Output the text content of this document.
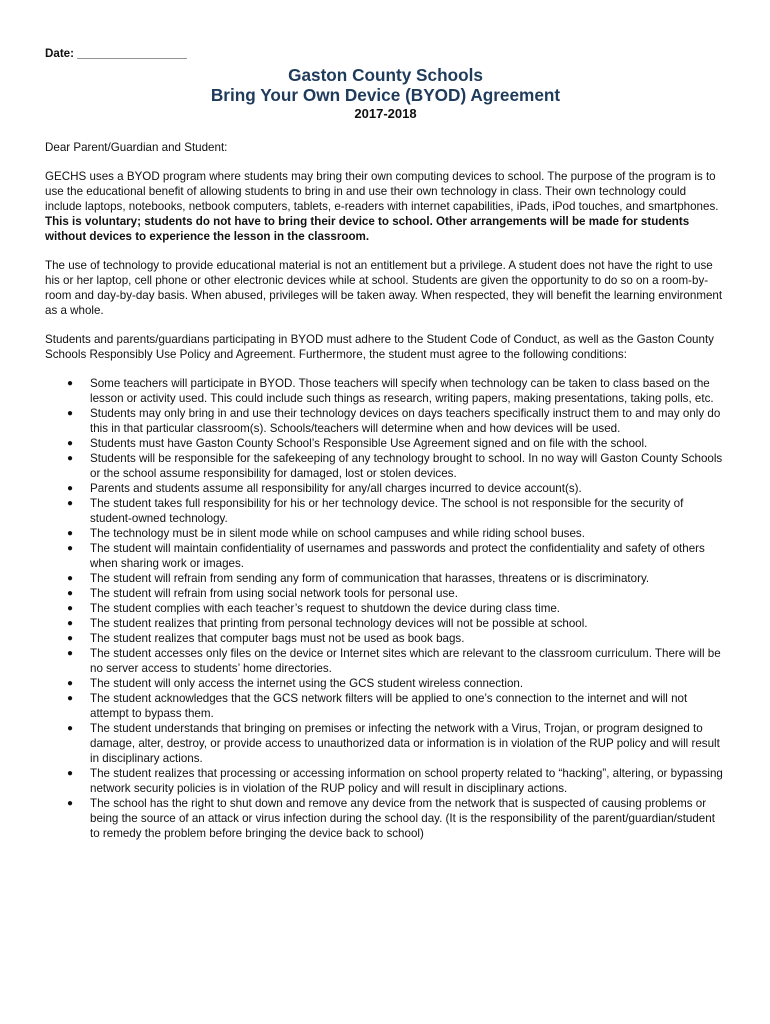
Date: _________________
Gaston County Schools
Bring Your Own Device (BYOD) Agreement
2017-2018

Dear Parent/Guardian and Student:

GECHS uses a BYOD program where students may bring their own computing devices to school. The purpose of the program is to use the educational benefit of allowing students to bring in and use their own technology in class. Their own technology could include laptops, notebooks, netbook computers, tablets, e-readers with internet capabilities, iPads, iPod touches, and smartphones. This is voluntary; students do not have to bring their device to school. Other arrangements will be made for students without devices to experience the lesson in the classroom.

The use of technology to provide educational material is not an entitlement but a privilege. A student does not have the right to use his or her laptop, cell phone or other electronic devices while at school. Students are given the opportunity to do so on a room-by-room and day-by-day basis. When abused, privileges will be taken away. When respected, they will benefit the learning environment as a whole.

Students and parents/guardians participating in BYOD must adhere to the Student Code of Conduct, as well as the Gaston County Schools Responsibly Use Policy and Agreement. Furthermore, the student must agree to the following conditions:

● Some teachers will participate in BYOD. Those teachers will specify when technology can be taken to class based on the lesson or activity used. This could include such things as research, writing papers, making presentations, taking polls, etc.
● Students may only bring in and use their technology devices on days teachers specifically instruct them to and may only do this in that particular classroom(s). Schools/teachers will determine when and how devices will be used.
● Students must have Gaston County School’s Responsible Use Agreement signed and on file with the school.
● Students will be responsible for the safekeeping of any technology brought to school. In no way will Gaston County Schools or the school assume responsibility for damaged, lost or stolen devices.
● Parents and students assume all responsibility for any/all charges incurred to device account(s).
● The student takes full responsibility for his or her technology device. The school is not responsible for the security of student-owned technology.
● The technology must be in silent mode while on school campuses and while riding school buses.
● The student will maintain confidentiality of usernames and passwords and protect the confidentiality and safety of others when sharing work or images.
● The student will refrain from sending any form of communication that harasses, threatens or is discriminatory.
● The student will refrain from using social network tools for personal use.
● The student complies with each teacher’s request to shutdown the device during class time.
● The student realizes that printing from personal technology devices will not be possible at school.
● The student realizes that computer bags must not be used as book bags.
● The student accesses only files on the device or Internet sites which are relevant to the classroom curriculum. There will be no server access to students’ home directories.
● The student will only access the internet using the GCS student wireless connection.
● The student acknowledges that the GCS network filters will be applied to one’s connection to the internet and will not attempt to bypass them.
● The student understands that bringing on premises or infecting the network with a Virus, Trojan, or program designed to damage, alter, destroy, or provide access to unauthorized data or information is in violation of the RUP policy and will result in disciplinary actions.
● The student realizes that processing or accessing information on school property related to “hacking”, altering, or bypassing network security policies is in violation of the RUP policy and will result in disciplinary actions.
● The school has the right to shut down and remove any device from the network that is suspected of causing problems or being the source of an attack or virus infection during the school day. (It is the responsibility of the parent/guardian/student to remedy the problem before bringing the device back to school)
